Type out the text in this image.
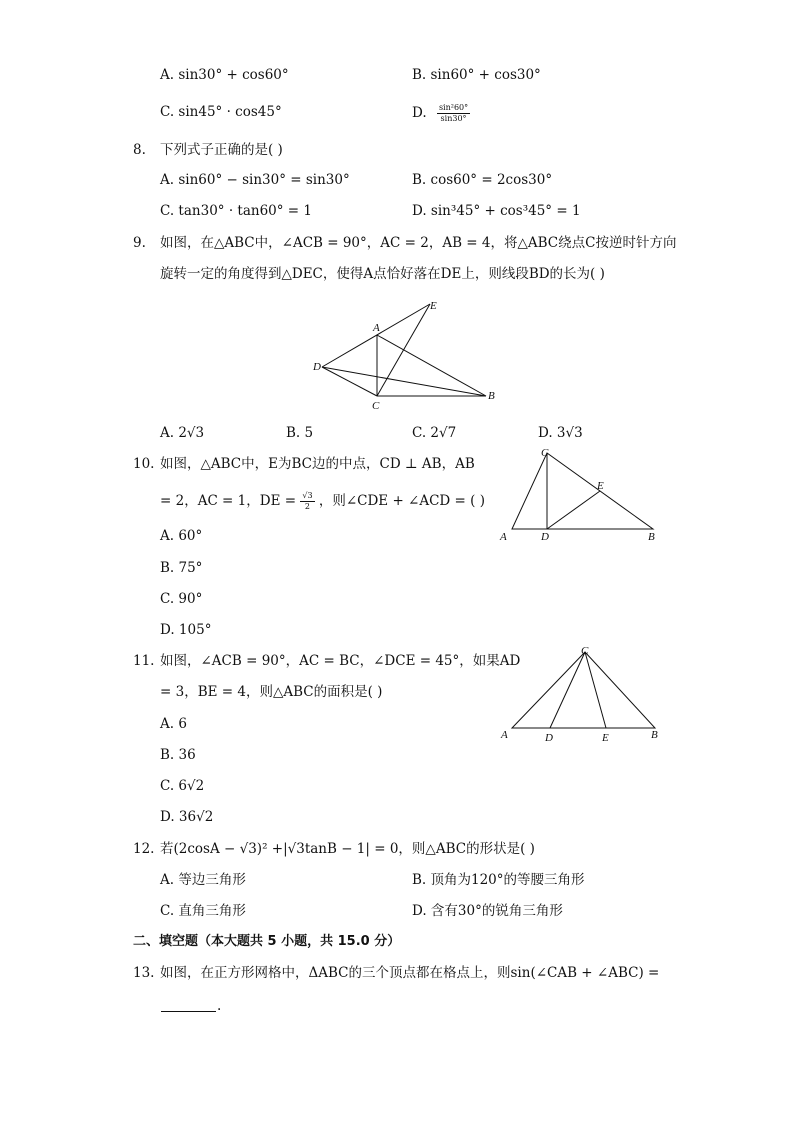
A. sin30° + cos60°	B. sin60° + cos30°
C. sin45° · cos45°	D. $\frac{\text{sin²60°}}{\sin 30^\circ}$
8. 下列式子正确的是( )
A. sin60° − sin30° = sin30°	B. cos60° = 2cos30°
C. tan30° · tan60° = 1	D. sin³45° + cos³45° = 1
9. 如图，在△ABC中，∠ACB = 90°，AC = 2，AB = 4，将△ABC绕点C按逆时针方向
旋转一定的角度得到△DEC，使得A点恰好落在DE上，则线段BD的长为( )
A
B
C
D
E
A. 2√3	B. 5	C. 2√7	D. 3√3
10. 如图，△ABC中，E为BC边的中点，CD ⊥ AB，AB
= 2，AC = 1，DE = $\frac{√3}{2}$ ，则∠CDE + ∠ACD = ( )
A	B
C
D
E
A. 60°
B. 75°
C. 90°
D. 105°
11. 如图，∠ACB = 90°，AC = BC，∠DCE = 45°，如果AD
= 3，BE = 4，则△ABC的面积是( )
A	B
C
D	E
A. 6
B. 36
C. 6√2
D. 36√2
12. 若(2cosA − √3)² +|√3tanB − 1| = 0，则△ABC的形状是( )
A. 等边三角形	B. 顶角为120°的等腰三角形
C. 直角三角形	D. 含有30°的锐角三角形
二、填空题（本大题共 5 小题，共 15.0 分）
13. 如图，在正方形网格中，ΔABC的三个顶点都在格点上，则sin(∠CAB + ∠ABC) =
.
